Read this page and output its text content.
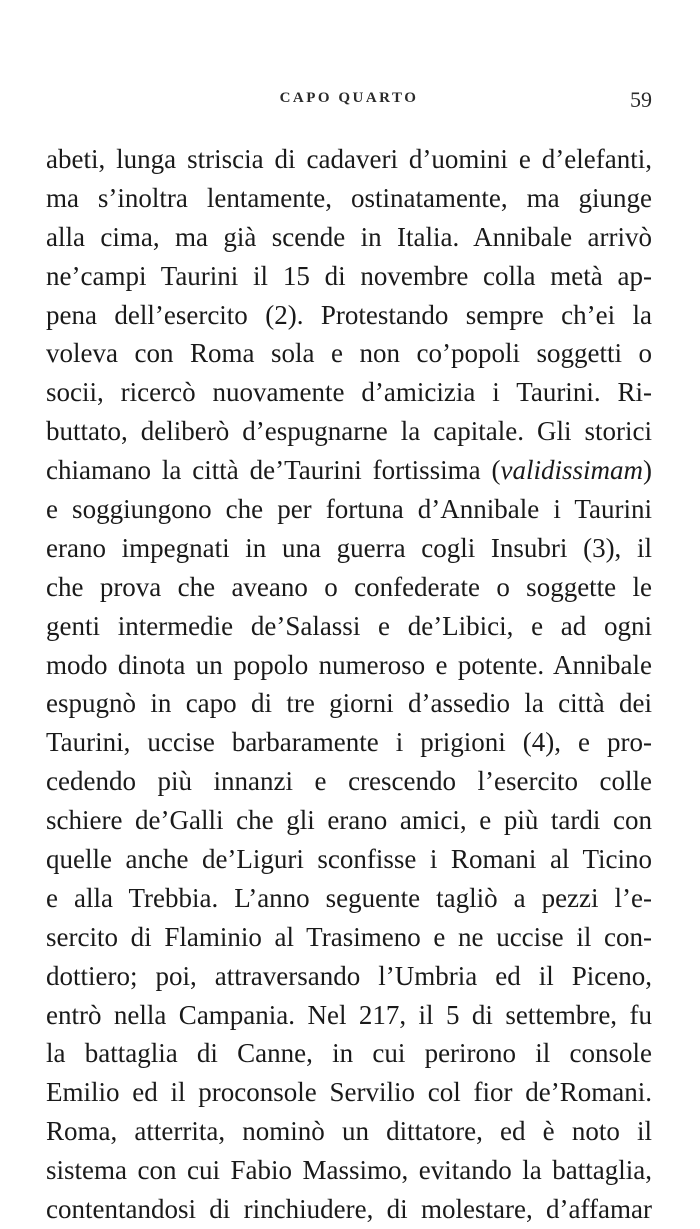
CAPO QUARTO	59
abeti, lunga striscia di cadaveri d’uomini e d’elefanti,
ma s’inoltra lentamente, ostinatamente, ma giunge
alla cima, ma già scende in Italia. Annibale arrivò
ne’campi Taurini il 15 di novembre colla metà ap-
pena dell’esercito (2). Protestando sempre ch’ei la
voleva con Roma sola e non co’popoli soggetti o
socii, ricercò nuovamente d’amicizia i Taurini. Ri-
buttato, deliberò d’espugnarne la capitale. Gli storici
chiamano la città de’Taurini fortissima (validissimam)
e soggiungono che per fortuna d’Annibale i Taurini
erano impegnati in una guerra cogli Insubri (3), il
che prova che aveano o confederate o soggette le
genti intermedie de’Salassi e de’Libici, e ad ogni
modo dinota un popolo numeroso e potente. Annibale
espugnò in capo di tre giorni d’assedio la città dei
Taurini, uccise barbaramente i prigioni (4), e pro-
cedendo più innanzi e crescendo l’esercito colle
schiere de’Galli che gli erano amici, e più tardi con
quelle anche de’Liguri sconfisse i Romani al Ticino
e alla Trebbia. L’anno seguente tagliò a pezzi l’e-
sercito di Flaminio al Trasimeno e ne uccise il con-
dottiero; poi, attraversando l’Umbria ed il Piceno,
entrò nella Campania. Nel 217, il 5 di settembre, fu
la battaglia di Canne, in cui perirono il console
Emilio ed il proconsole Servilio col fior de’Romani.
Roma, atterrita, nominò un dittatore, ed è noto il
sistema con cui Fabio Massimo, evitando la battaglia,
contentandosi di rinchiudere, di molestare, d’affamar
